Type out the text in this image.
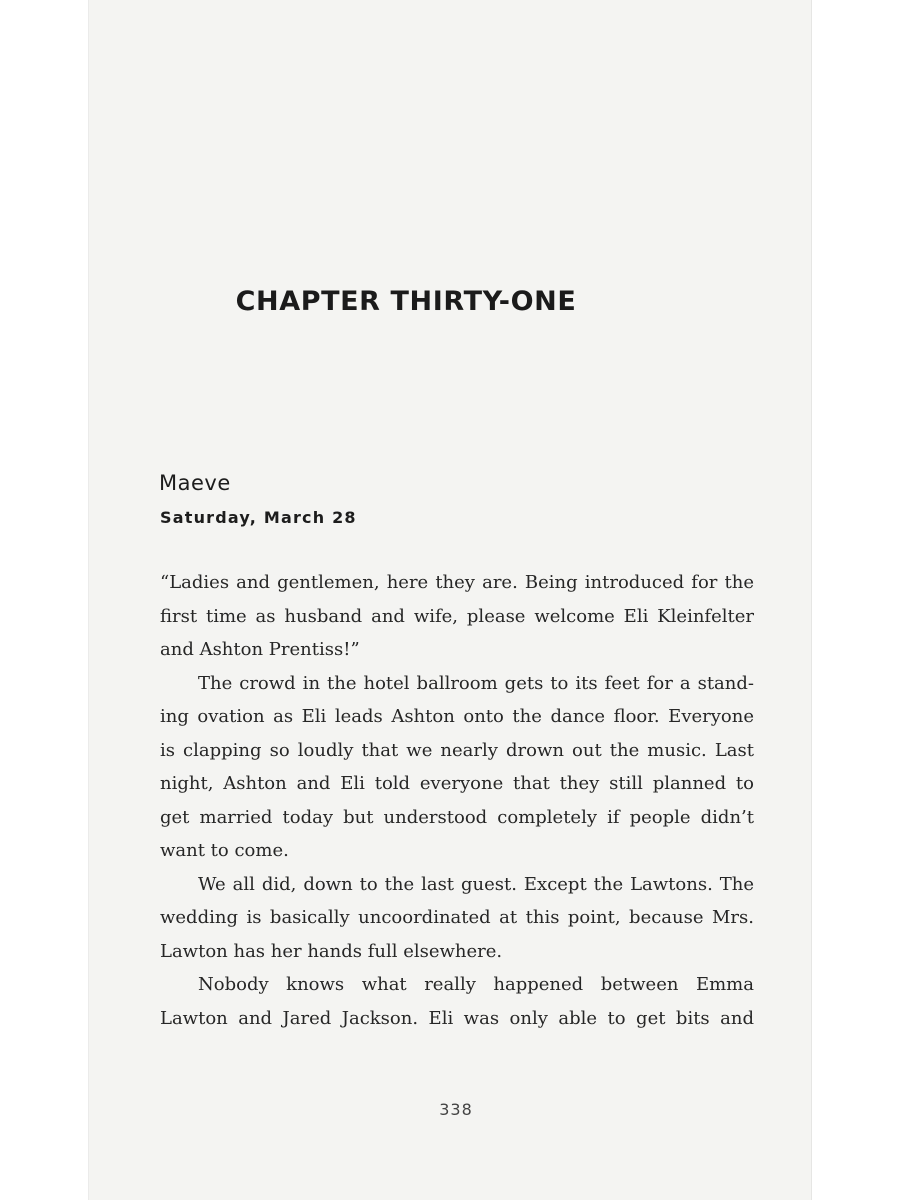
CHAPTER THIRTY-ONE
Maeve
Saturday, March 28
“Ladies and gentlemen, here they are. Being introduced for the
first time as husband and wife, please welcome Eli Kleinfelter
and Ashton Prentiss!”
The crowd in the hotel ballroom gets to its feet for a stand-
ing ovation as Eli leads Ashton onto the dance floor. Everyone
is clapping so loudly that we nearly drown out the music. Last
night, Ashton and Eli told everyone that they still planned to
get married today but understood completely if people didn’t
want to come.
We all did, down to the last guest. Except the Lawtons. The
wedding is basically uncoordinated at this point, because Mrs.
Lawton has her hands full elsewhere.
Nobody knows what really happened between Emma
Lawton and Jared Jackson. Eli was only able to get bits and
338
